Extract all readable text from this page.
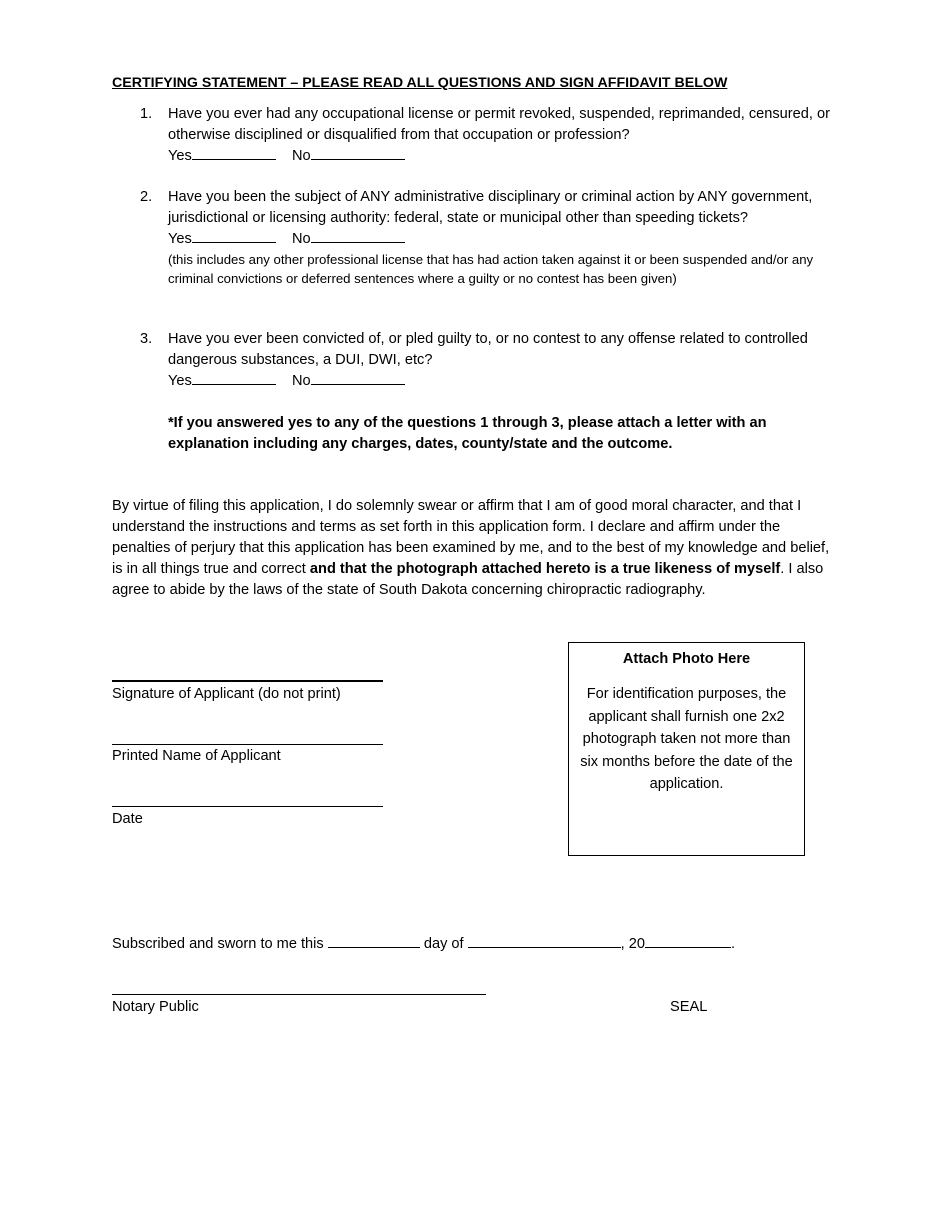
CERTIFYING STATEMENT – PLEASE READ ALL QUESTIONS AND SIGN AFFIDAVIT BELOW
1. Have you ever had any occupational license or permit revoked, suspended, reprimanded, censured, or otherwise disciplined or disqualified from that occupation or profession?
Yes	No
2. Have you been the subject of ANY administrative disciplinary or criminal action by ANY government, jurisdictional or licensing authority: federal, state or municipal other than speeding tickets?
Yes	No
(this includes any other professional license that has had action taken against it or been suspended and/or any criminal convictions or deferred sentences where a guilty or no contest has been given)
3. Have you ever been convicted of, or pled guilty to, or no contest to any offense related to controlled dangerous substances, a DUI, DWI, etc?
Yes	No
*If you answered yes to any of the questions 1 through 3, please attach a letter with an explanation including any charges, dates, county/state and the outcome.
By virtue of filing this application, I do solemnly swear or affirm that I am of good moral character, and that I understand the instructions and terms as set forth in this application form. I declare and affirm under the penalties of perjury that this application has been examined by me, and to the best of my knowledge and belief, is in all things true and correct and that the photograph attached hereto is a true likeness of myself. I also agree to abide by the laws of the state of South Dakota concerning chiropractic radiography.
Signature of Applicant (do not print)
Printed Name of Applicant
Date
Attach Photo Here
For identification purposes, the applicant shall furnish one 2x2 photograph taken not more than six months before the date of the application.
Subscribed and sworn to me this	day of	, 20	.
Notary Public	SEAL
